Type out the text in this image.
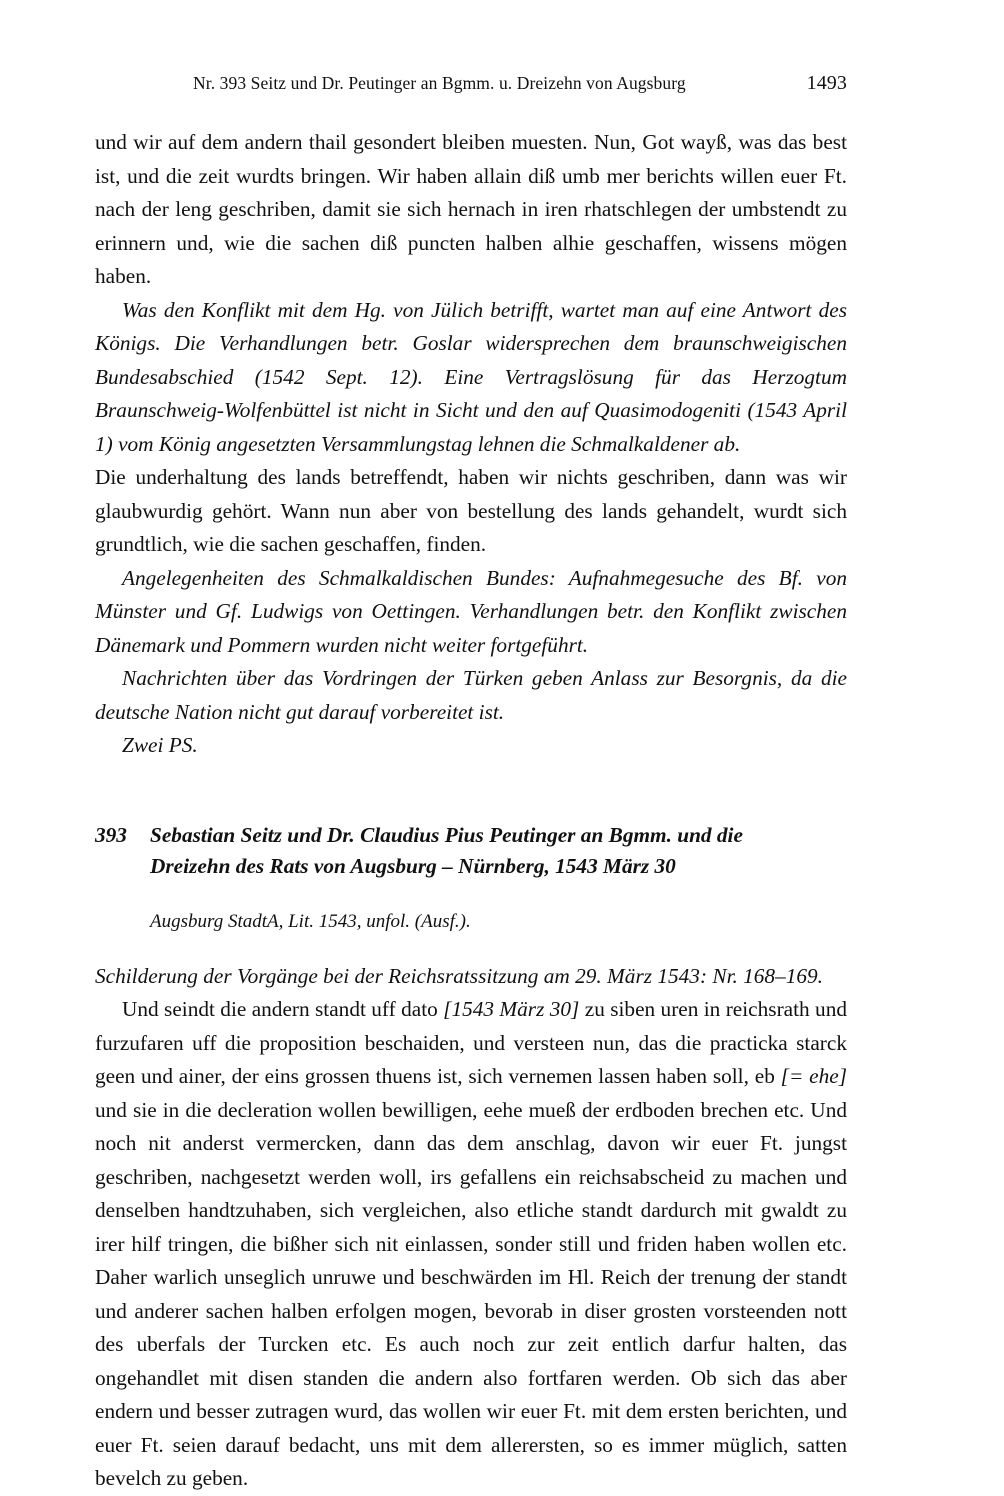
Nr. 393 Seitz und Dr. Peutinger an Bgmm. u. Dreizehn von Augsburg	1493

und wir auf dem andern thail gesondert bleiben muesten. Nun, Got wayß, was das best ist, und die zeit wurdts bringen. Wir haben allain diß umb mer berichts willen euer Ft. nach der leng geschriben, damit sie sich hernach in iren rhatschlegen der umbstendt zu erinnern und, wie die sachen diß puncten halben alhie geschaffen, wissens mögen haben.

Was den Konflikt mit dem Hg. von Jülich betrifft, wartet man auf eine Antwort des Königs. Die Verhandlungen betr. Goslar widersprechen dem braunschweigischen Bundesabschied (1542 Sept. 12). Eine Vertragslösung für das Herzogtum Braunschweig-Wolfenbüttel ist nicht in Sicht und den auf Quasimodogeniti (1543 April 1) vom König angesetzten Versammlungstag lehnen die Schmalkaldener ab.

Die underhaltung des lands betreffendt, haben wir nichts geschriben, dann was wir glaubwurdig gehört. Wann nun aber von bestellung des lands gehandelt, wurdt sich grundtlich, wie die sachen geschaffen, finden.

Angelegenheiten des Schmalkaldischen Bundes: Aufnahmegesuche des Bf. von Münster und Gf. Ludwigs von Oettingen. Verhandlungen betr. den Konflikt zwischen Dänemark und Pommern wurden nicht weiter fortgeführt.

Nachrichten über das Vordringen der Türken geben Anlass zur Besorgnis, da die deutsche Nation nicht gut darauf vorbereitet ist.

Zwei PS.

393	Sebastian Seitz und Dr. Claudius Pius Peutinger an Bgmm. und die
Dreizehn des Rats von Augsburg – Nürnberg, 1543 März 30
Augsburg StadtA, Lit. 1543, unfol. (Ausf.).

Schilderung der Vorgänge bei der Reichsratssitzung am 29. März 1543: Nr. 168–169.

Und seindt die andern standt uff dato [1543 März 30] zu siben uren in reichsrath und furzufaren uff die proposition beschaiden, und versteen nun, das die practicka starck geen und ainer, der eins grossen thuens ist, sich vernemen lassen haben soll, eb [= ehe] und sie in die decleration wollen bewilligen, eehe mueß der erdboden brechen etc. Und noch nit anderst vermercken, dann das dem anschlag, davon wir euer Ft. jungst geschriben, nachgesetzt werden woll, irs gefallens ein reichsabscheid zu machen und denselben handtzuhaben, sich vergleichen, also etliche standt dardurch mit gwaldt zu irer hilf tringen, die bißher sich nit einlassen, sonder still und friden haben wollen etc. Daher warlich unseglich unruwe und beschwärden im Hl. Reich der trenung der standt und anderer sachen halben erfolgen mogen, bevorab in diser grosten vorsteenden nott des uberfals der Turcken etc. Es auch noch zur zeit entlich darfur halten, das ongehandlet mit disen standen die andern also fortfaren werden. Ob sich das aber endern und besser zutragen wurd, das wollen wir euer Ft. mit dem ersten berichten, und euer Ft. seien darauf bedacht, uns mit dem allerersten, so es immer müglich, satten bevelch zu geben.
